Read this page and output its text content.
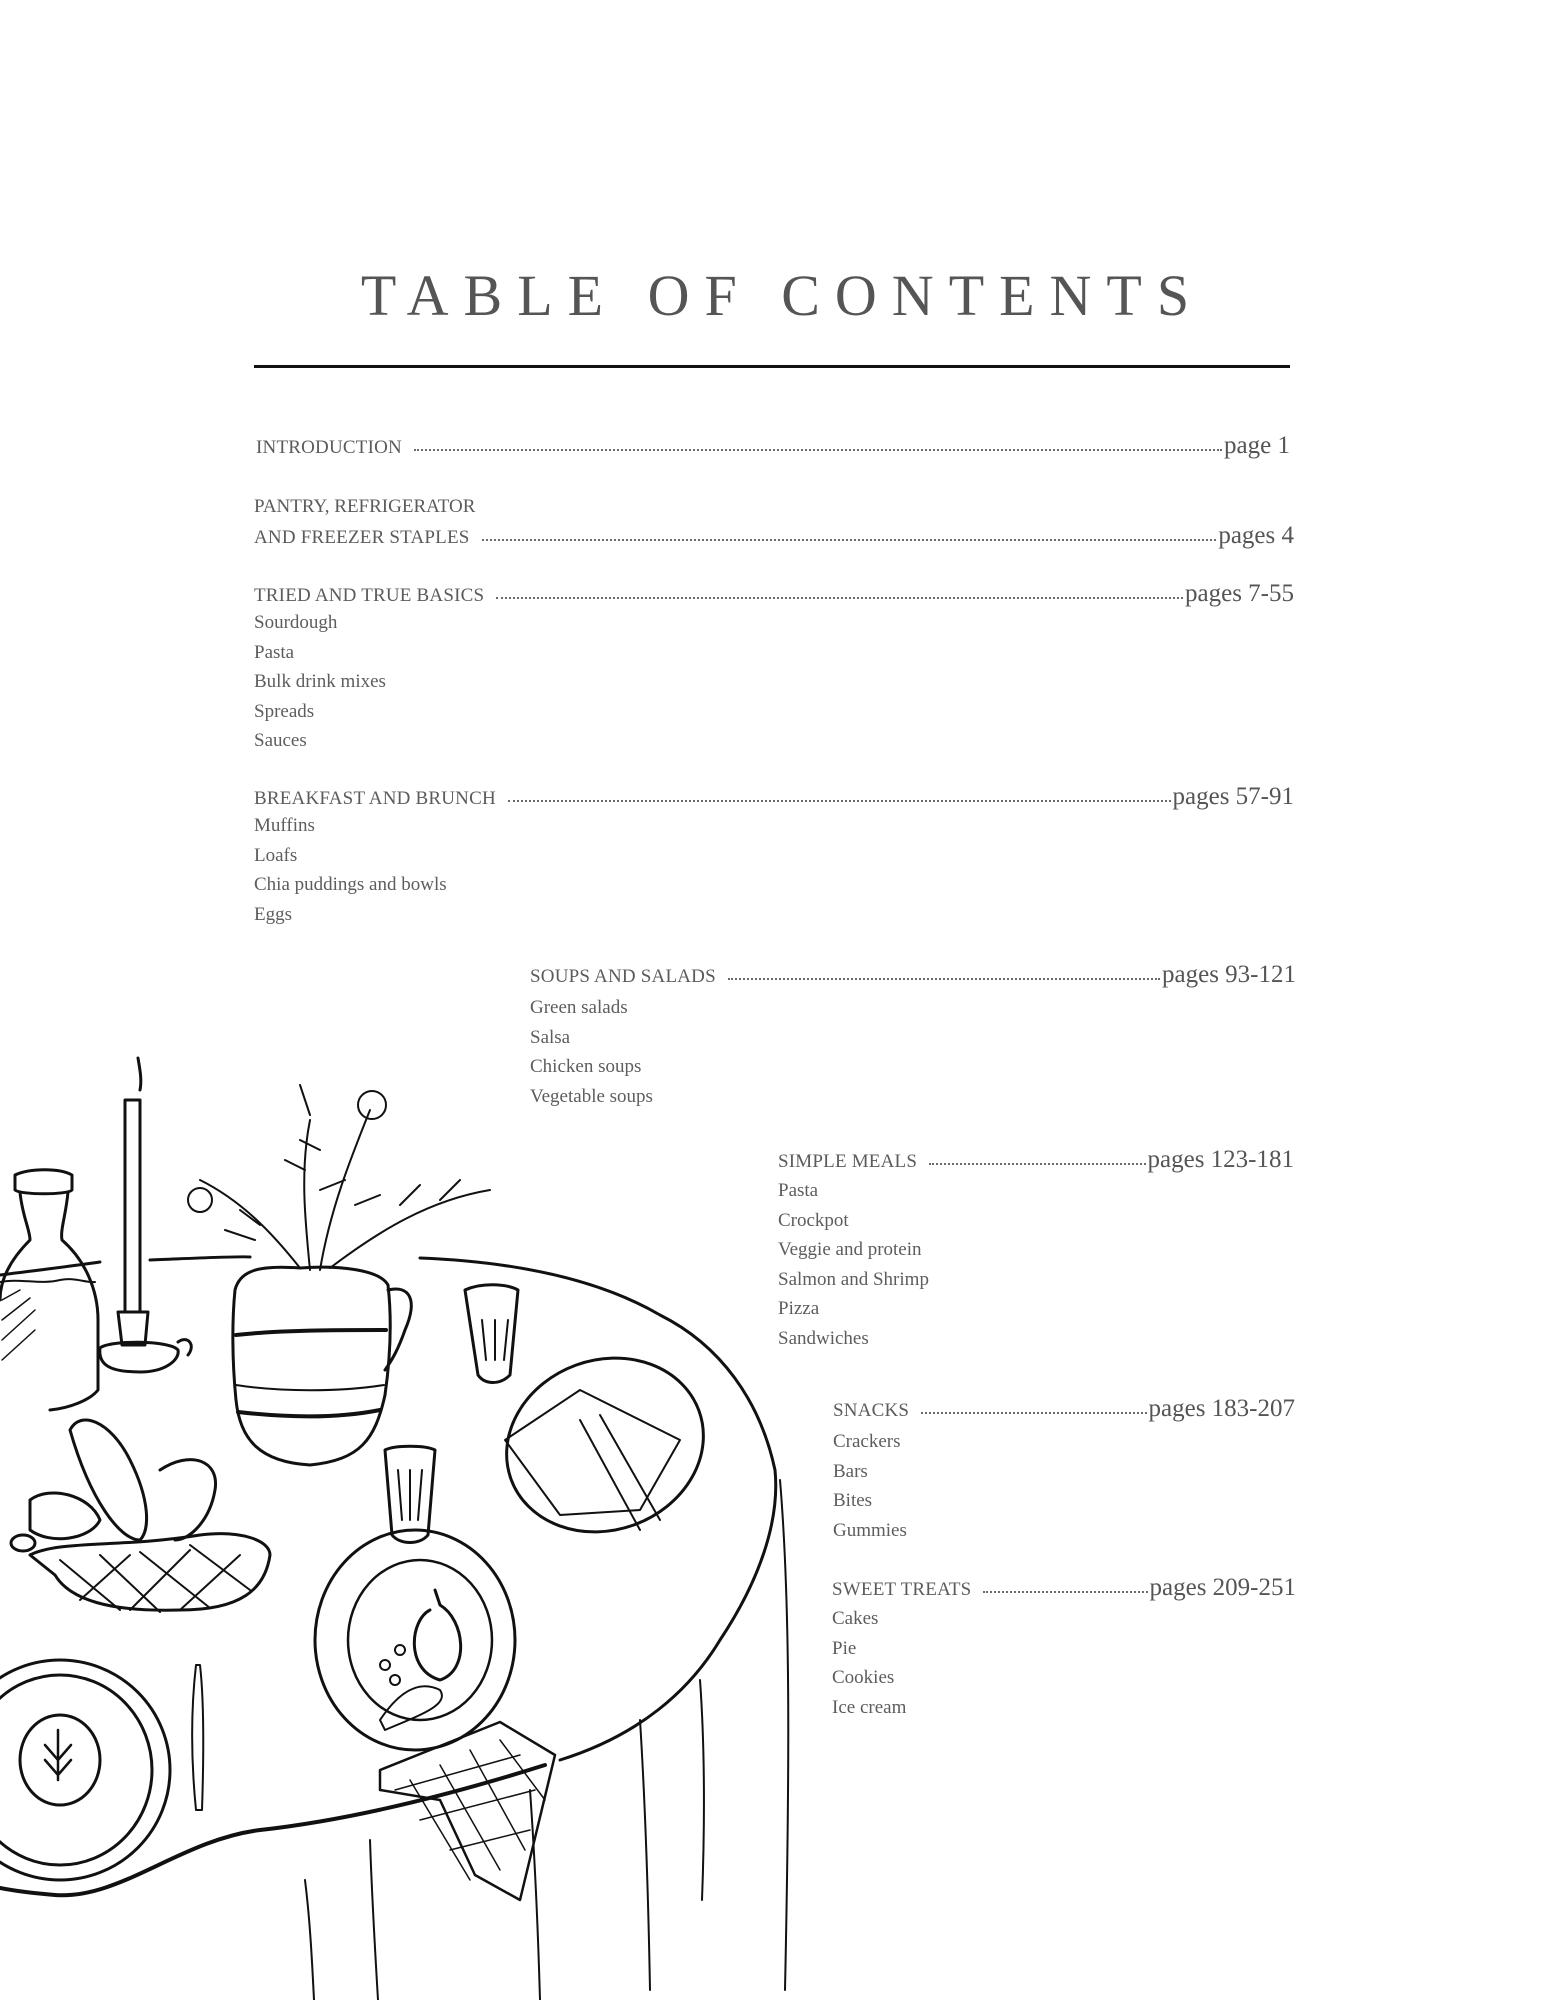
TABLE OF CONTENTS
INTRODUCTION	page 1
PANTRY, REFRIGERATOR
AND FREEZER STAPLES	pages 4
TRIED AND TRUE BASICS	pages 7-55
Sourdough
Pasta
Bulk drink mixes
Spreads
Sauces
BREAKFAST AND BRUNCH	pages 57-91
Muffins
Loafs
Chia puddings and bowls
Eggs
SOUPS AND SALADS	pages 93-121
Green salads
Salsa
Chicken soups
Vegetable soups
SIMPLE MEALS	pages 123-181
Pasta
Crockpot
Veggie and protein
Salmon and Shrimp
Pizza
Sandwiches
SNACKS	pages 183-207
Crackers
Bars
Bites
Gummies
SWEET TREATS	pages 209-251
Cakes
Pie
Cookies
Ice cream
